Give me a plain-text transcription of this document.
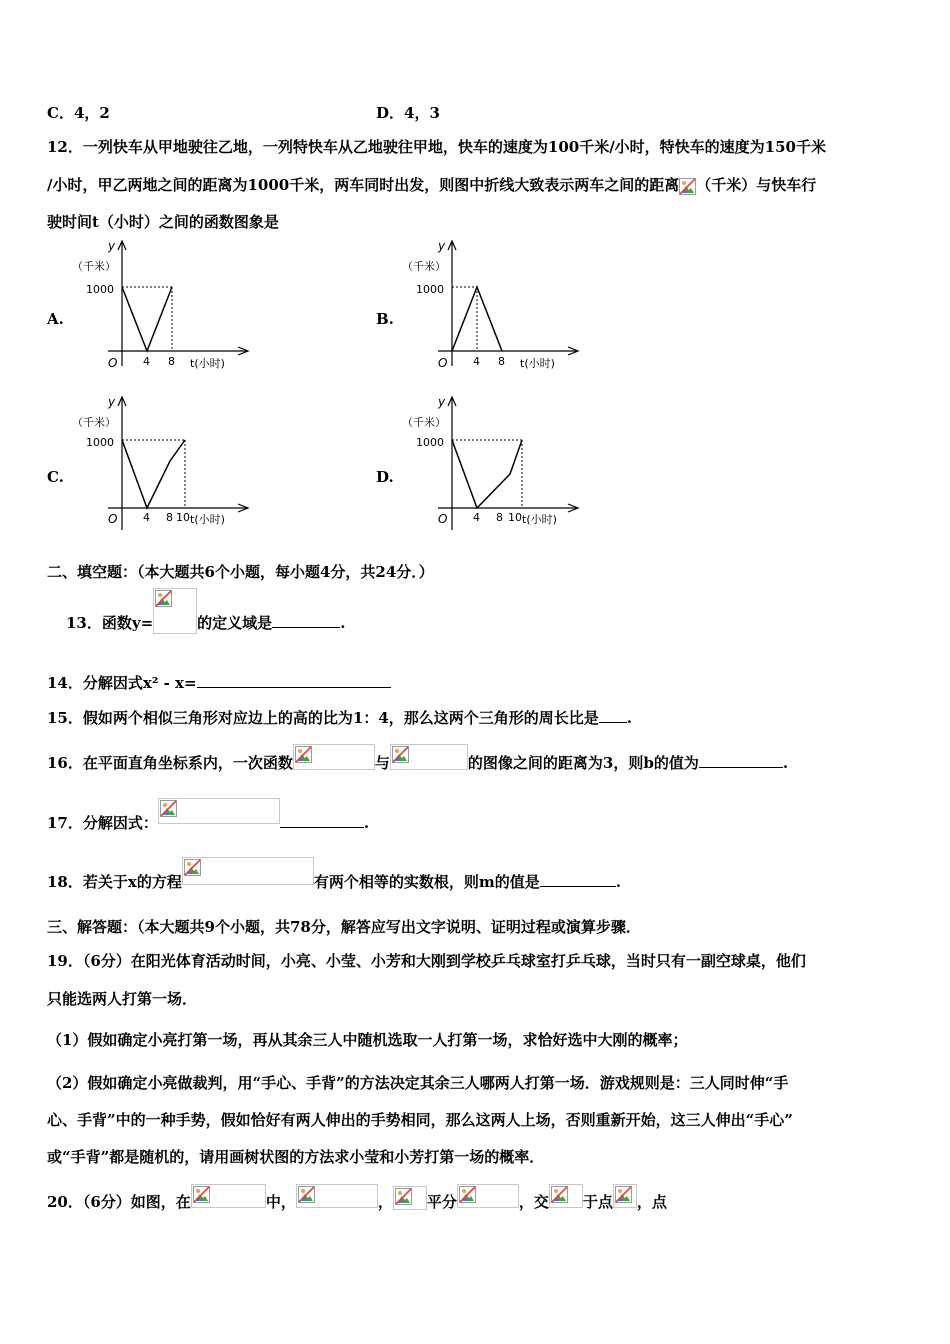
C．4，2	D．4，3
12．一列快车从甲地驶往乙地，一列特快车从乙地驶往甲地，快车的速度为100千米/小时，特快车的速度为150千米
/小时，甲乙两地之间的距离为1000千米，两车同时出发，则图中折线大致表示两车之间的距离 （千米）与快车行
驶时间t（小时）之间的函数图象是
A.
y
（千米）
1000
O 4 8 t(小时)
B.
y
（千米）
1000
O 4 8 t(小时)
C.
y
（千米）
1000
O 4 8 10 t(小时)
D.
y
（千米）
1000
O 4 8 10 t(小时)
二、填空题：（本大题共6个小题，每小题4分，共24分．）
13．函数y=	的定义域是	.
14．分解因式x² - x=
15．假如两个相似三角形对应边上的高的比为1：4，那么这两个三角形的周长比是 .
16．在平面直角坐标系内，一次函数	与	的图像之间的距离为3，则b的值为	.
17．分解因式：	.
18．若关于x的方程	有两个相等的实数根，则m的值是	.
三、解答题：（本大题共9个小题，共78分，解答应写出文字说明、证明过程或演算步骤．
19．（6分）在阳光体育活动时间，小亮、小莹、小芳和大刚到学校乒乓球室打乒乓球，当时只有一副空球桌，他们
只能选两人打第一场．
（1）假如确定小亮打第一场，再从其余三人中随机选取一人打第一场，求恰好选中大刚的概率；
（2）假如确定小亮做裁判，用“手心、手背”的方法决定其余三人哪两人打第一场．游戏规则是：三人同时伸“手
心、手背”中的一种手势，假如恰好有两人伸出的手势相同，那么这两人上场，否则重新开始，这三人伸出“手心”
或“手背”都是随机的，请用画树状图的方法求小莹和小芳打第一场的概率．
20．（6分）如图，在	中，	， 平分	，交 于点 ，点
